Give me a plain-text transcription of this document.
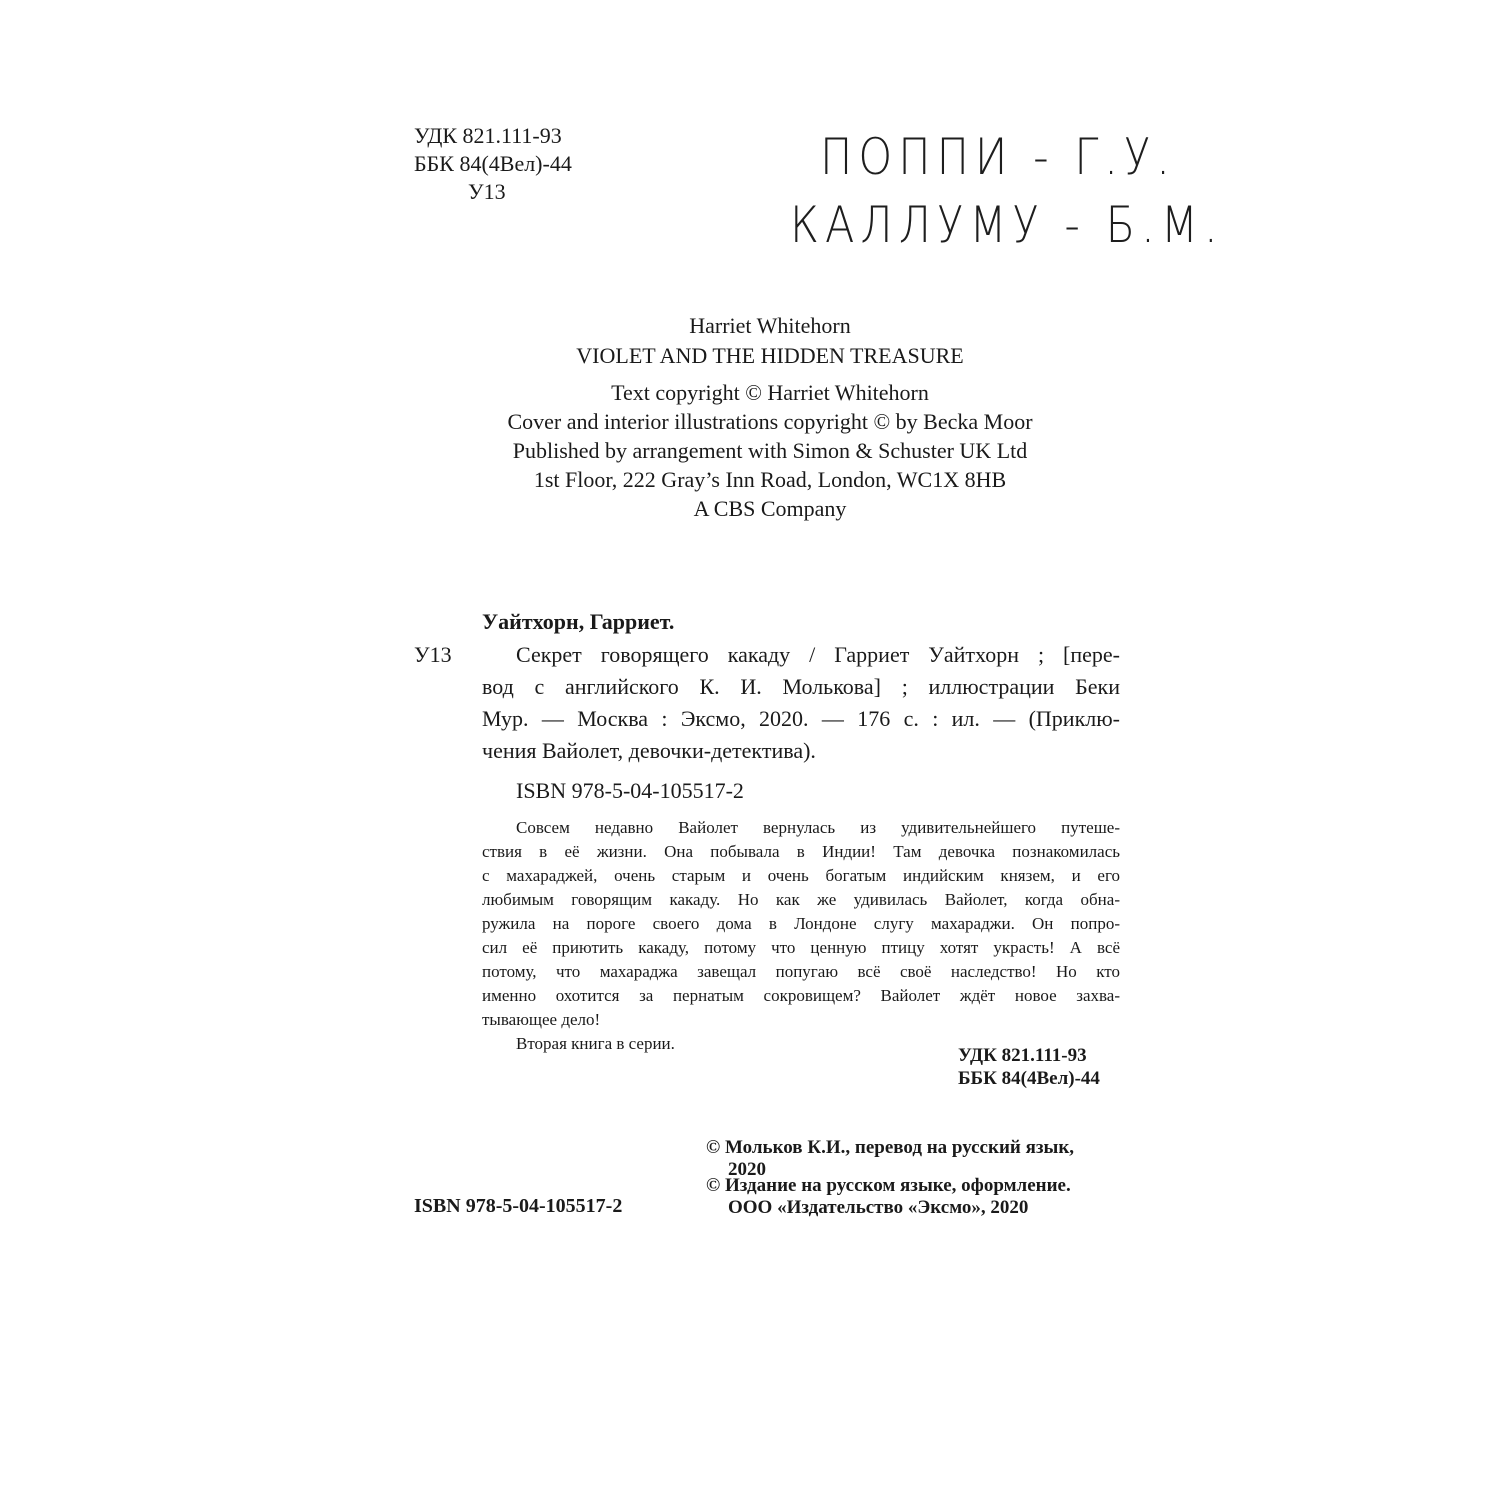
УДК 821.111-93
ББК 84(4Вел)-44
У13
ПОППИ - Г.У.
КАЛЛУМУ - Б.М.
Harriet Whitehorn
VIOLET AND THE HIDDEN TREASURE
Text copyright © Harriet Whitehorn
Cover and interior illustrations copyright © by Becka Moor
Published by arrangement with Simon & Schuster UK Ltd
1st Floor, 222 Gray’s Inn Road, London, WC1X 8HB
A CBS Company
Уайтхорн, Гарриет.
У13	Секрет говорящего какаду / Гарриет Уайтхорн ; [пере-
вод с английского К. И. Молькова] ; иллюстрации Беки
Мур. — Москва : Эксмо, 2020. — 176 с. : ил. — (Приклю-
чения Вайолет, девочки-детектива).
ISBN 978-5-04-105517-2
Совсем недавно Вайолет вернулась из удивительнейшего путеше-
ствия в её жизни. Она побывала в Индии! Там девочка познакомилась
с махараджей, очень старым и очень богатым индийским князем, и его
любимым говорящим какаду. Но как же удивилась Вайолет, когда обна-
ружила на пороге своего дома в Лондоне слугу махараджи. Он попро-
сил её приютить какаду, потому что ценную птицу хотят украсть! А всё
потому, что махараджа завещал попугаю всё своё наследство! Но кто
именно охотится за пернатым сокровищем? Вайолет ждёт новое захва-
тывающее дело!
Вторая книга в серии.
УДК 821.111-93
ББК 84(4Вел)-44
© Мольков К.И., перевод на русский язык,
2020
© Издание на русском языке, оформление.
ООО «Издательство «Эксмо», 2020
ISBN 978-5-04-105517-2
